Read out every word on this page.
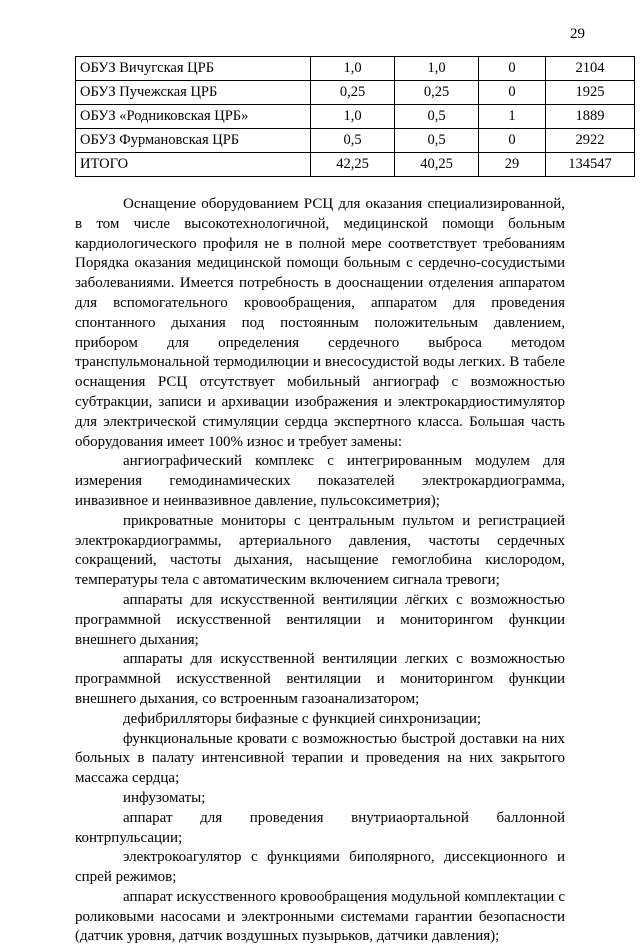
29
ОБУЗ Вичугская ЦРБ	1,0	1,0	0	2104
ОБУЗ Пучежская ЦРБ	0,25	0,25	0	1925
ОБУЗ «Родниковская ЦРБ»	1,0	0,5	1	1889
ОБУЗ Фурмановская ЦРБ	0,5	0,5	0	2922
ИТОГО	42,25	40,25	29	134547

Оснащение оборудованием РСЦ для оказания специализированной, в том числе высокотехнологичной, медицинской помощи больным кардиологического профиля не в полной мере соответствует требованиям Порядка оказания медицинской помощи больным с сердечно-сосудистыми заболеваниями. Имеется потребность в дооснащении отделения аппаратом для вспомогательного кровообращения, аппаратом для проведения спонтанного дыхания под постоянным положительным давлением, прибором для определения сердечного выброса методом транспульмональной термодилюции и внесосудистой воды легких. В табеле оснащения РСЦ отсутствует мобильный ангиограф с возможностью субтракции, записи и архивации изображения и электрокардиостимулятор для электрической стимуляции сердца экспертного класса. Большая часть оборудования имеет 100% износ и требует замены:

ангиографический комплекс с интегрированным модулем для измерения гемодинамических показателей электрокардиограмма, инвазивное и неинвазивное давление, пульсоксиметрия);

прикроватные мониторы с центральным пультом и регистрацией электрокардиограммы, артериального давления, частоты сердечных сокращений, частоты дыхания, насыщение гемоглобина кислородом, температуры тела с автоматическим включением сигнала тревоги;

аппараты для искусственной вентиляции лёгких с возможностью программной искусственной вентиляции и мониторингом функции внешнего дыхания;

аппараты для искусственной вентиляции легких с возможностью программной искусственной вентиляции и мониторингом функции внешнего дыхания, со встроенным газоанализатором;

дефибрилляторы бифазные с функцией синхронизации;

функциональные кровати с возможностью быстрой доставки на них больных в палату интенсивной терапии и проведения на них закрытого массажа сердца;

инфузоматы;

аппарат для проведения внутриаортальной баллонной контрпульсации;

электрокоагулятор с функциями биполярного, диссекционного и спрей режимов;

аппарат искусственного кровообращения модульной комплектации с роликовыми насосами и электронными системами гарантии безопасности (датчик уровня, датчик воздушных пузырьков, датчики давления);
